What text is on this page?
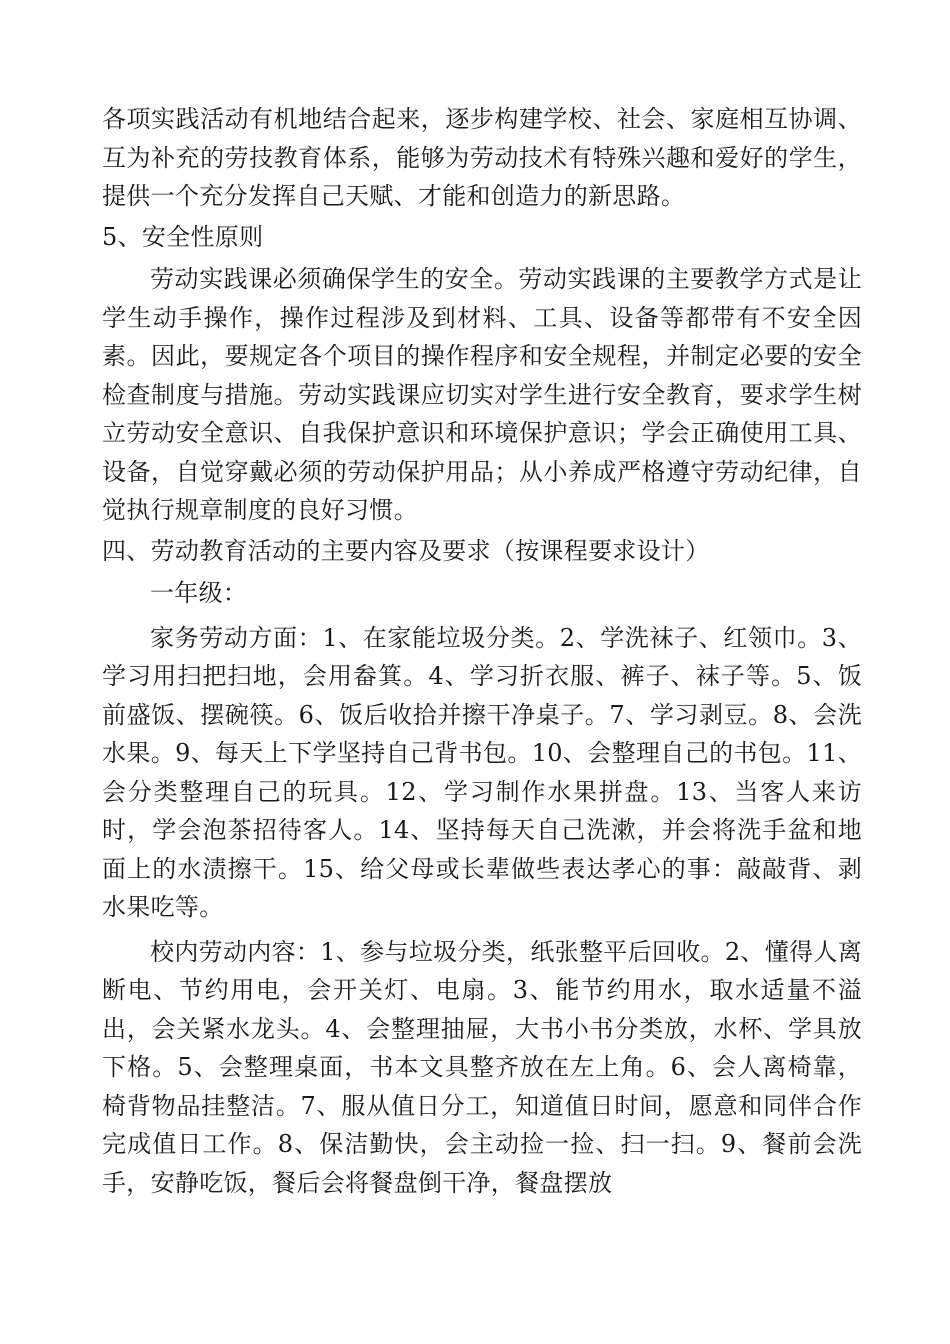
各项实践活动有机地结合起来，逐步构建学校、社会、家庭相互协调、互为补充的劳技教育体系，能够为劳动技术有特殊兴趣和爱好的学生，提供一个充分发挥自己天赋、才能和创造力的新思路。

5、安全性原则

劳动实践课必须确保学生的安全。劳动实践课的主要教学方式是让学生动手操作，操作过程涉及到材料、工具、设备等都带有不安全因素。因此，要规定各个项目的操作程序和安全规程，并制定必要的安全检查制度与措施。劳动实践课应切实对学生进行安全教育，要求学生树立劳动安全意识、自我保护意识和环境保护意识；学会正确使用工具、设备，自觉穿戴必须的劳动保护用品；从小养成严格遵守劳动纪律，自觉执行规章制度的良好习惯。

四、劳动教育活动的主要内容及要求（按课程要求设计）

一年级：

家务劳动方面：1、在家能垃圾分类。2、学洗袜子、红领巾。3、学习用扫把扫地，会用畚箕。4、学习折衣服、裤子、袜子等。5、饭前盛饭、摆碗筷。6、饭后收拾并擦干净桌子。7、学习剥豆。8、会洗水果。9、每天上下学坚持自己背书包。10、会整理自己的书包。11、会分类整理自己的玩具。12、学习制作水果拼盘。13、当客人来访时，学会泡茶招待客人。14、坚持每天自己洗漱，并会将洗手盆和地面上的水渍擦干。15、给父母或长辈做些表达孝心的事：敲敲背、剥水果吃等。

校内劳动内容：1、参与垃圾分类，纸张整平后回收。2、懂得人离断电、节约用电，会开关灯、电扇。3、能节约用水，取水适量不溢出，会关紧水龙头。4、会整理抽屉，大书小书分类放，水杯、学具放下格。5、会整理桌面，书本文具整齐放在左上角。6、会人离椅靠，椅背物品挂整洁。7、服从值日分工，知道值日时间，愿意和同伴合作完成值日工作。8、保洁勤快，会主动捡一捡、扫一扫。9、餐前会洗手，安静吃饭，餐后会将餐盘倒干净，餐盘摆放
